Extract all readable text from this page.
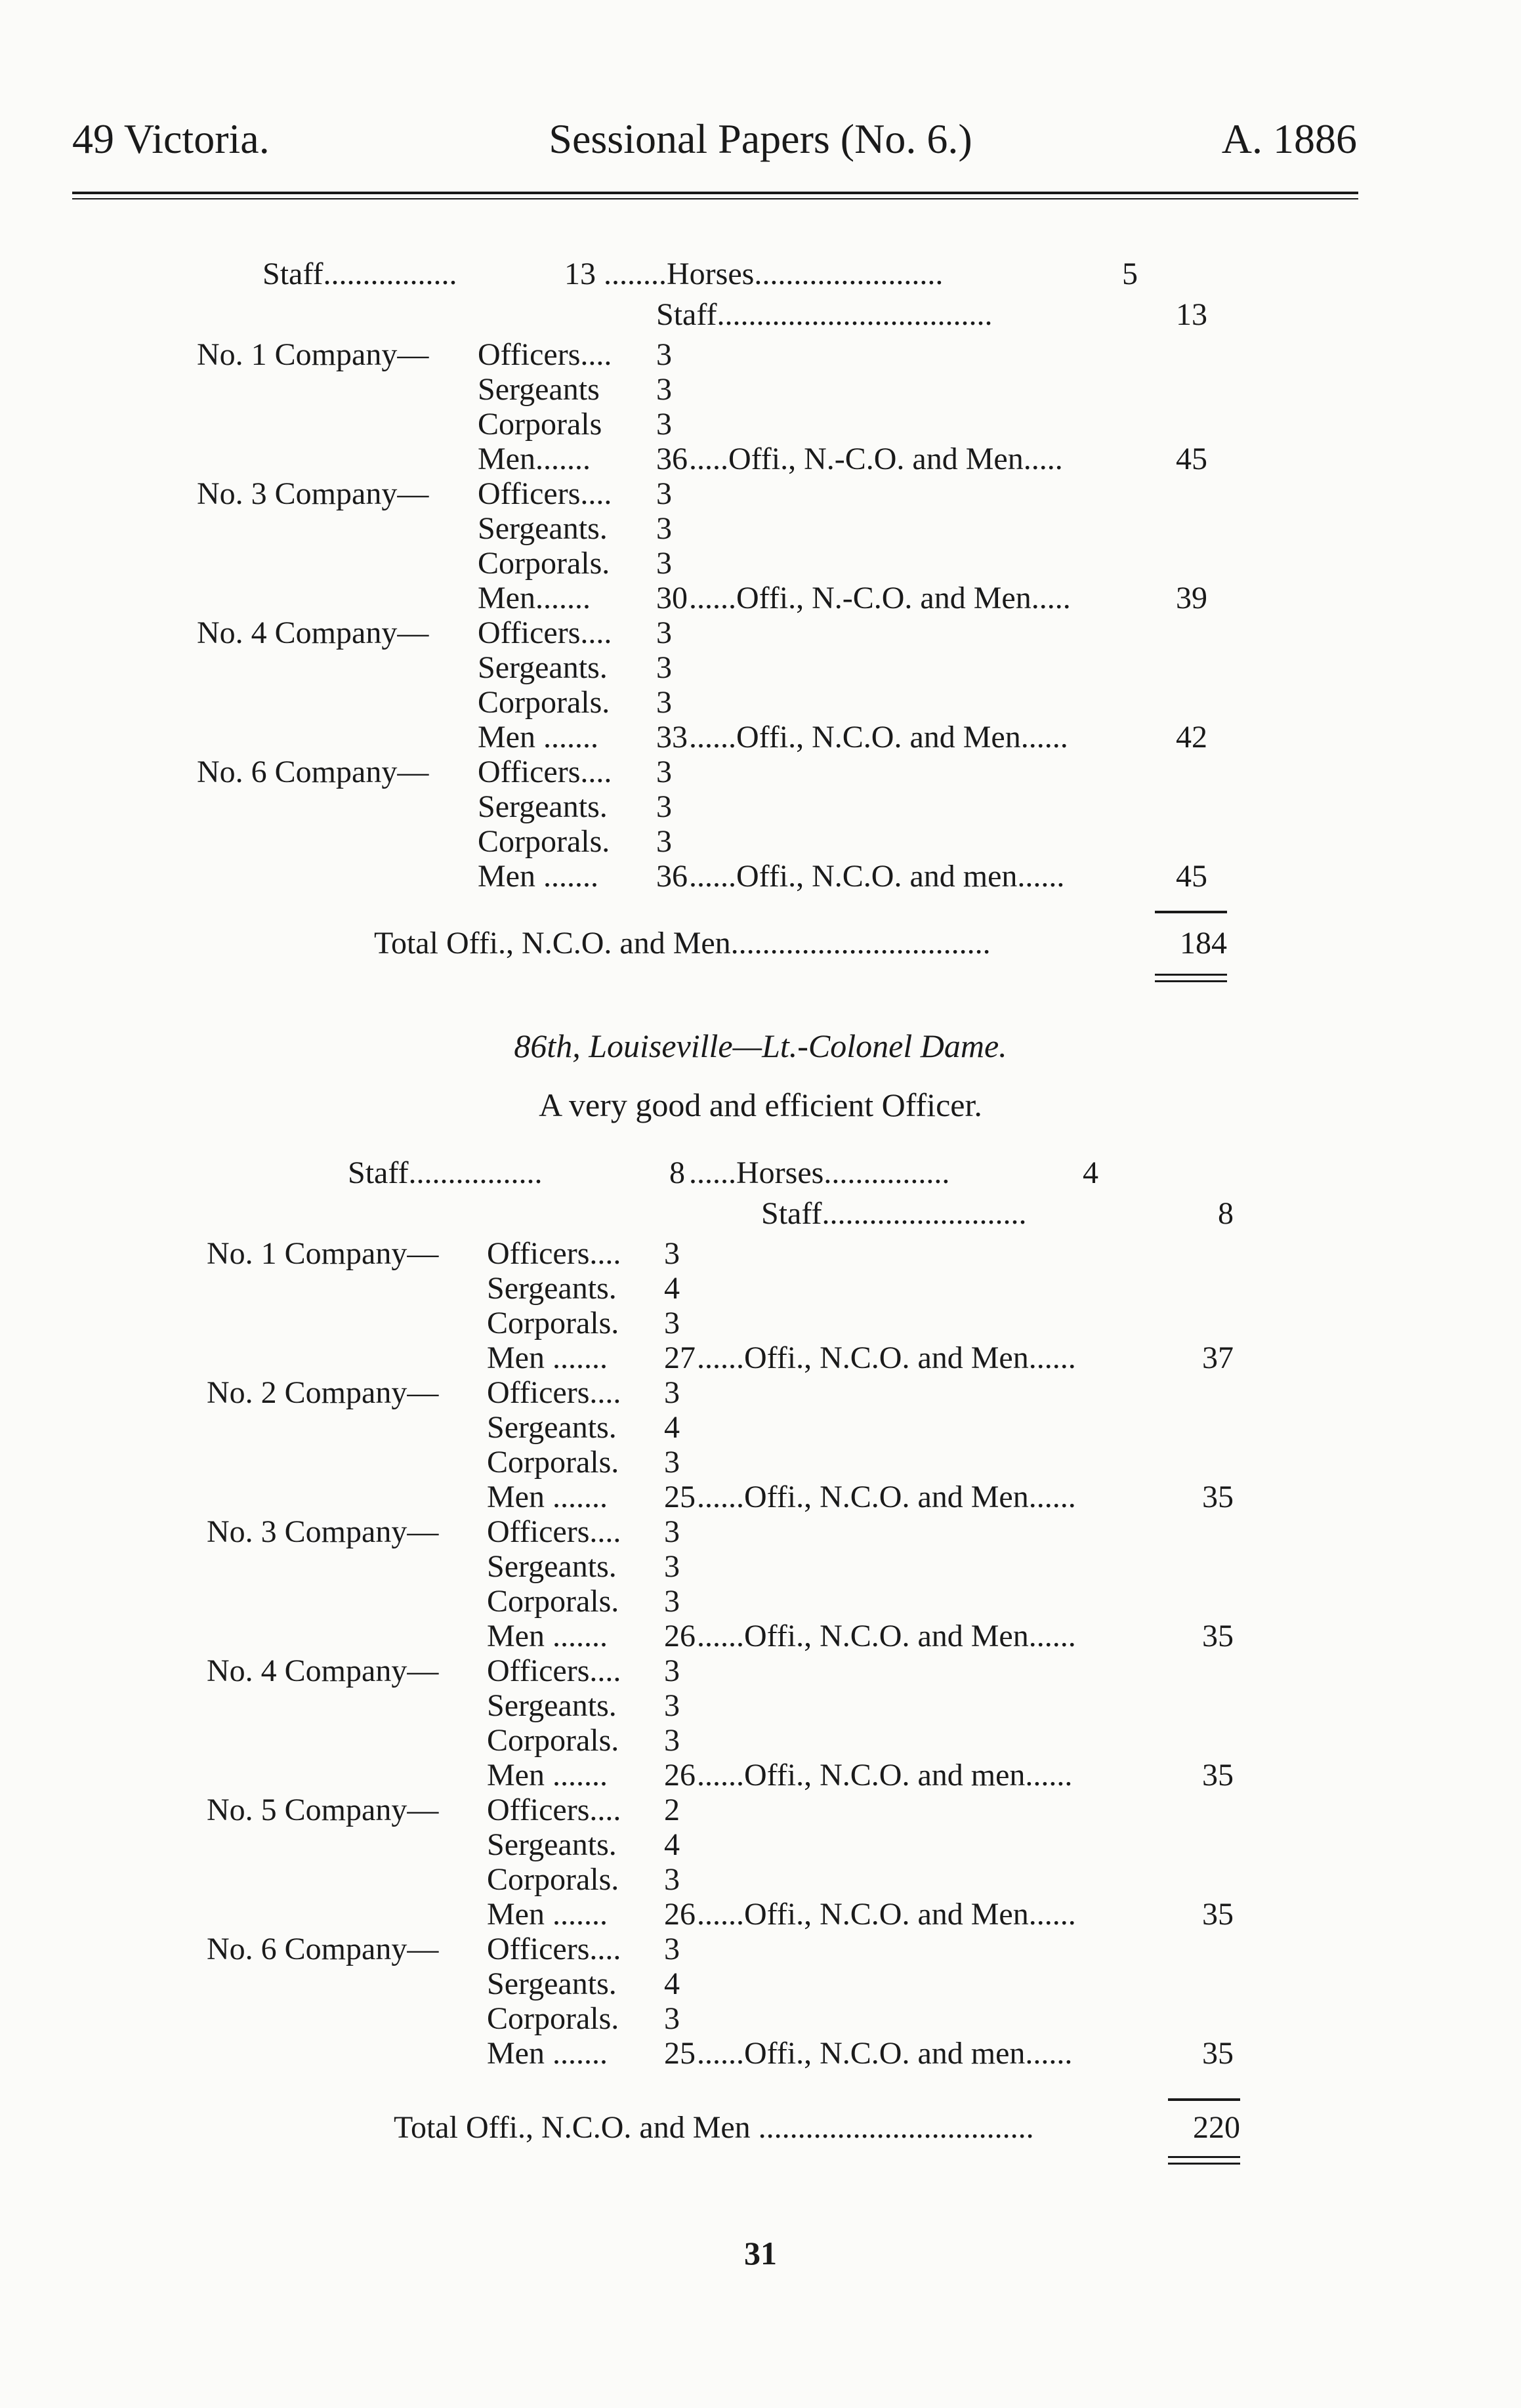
49 Victoria.	Sessional Papers (No. 6.)	A. 1886
Staff.................	13 ........Horses........................	5
Staff...................................	13
No. 1 Company— Officers.... 3
Sergeants 3
Corporals 3
Men....... 36 .....Offi., N.-C.O. and Men.....	45
No. 3 Company— Officers.... 3
Sergeants. 3
Corporals. 3
Men....... 30 ......Offi., N.-C.O. and Men.....	39
No. 4 Company— Officers.... 3
Sergeants. 3
Corporals. 3
Men ....... 33 ......Offi., N.C.O. and Men......	42
No. 6 Company— Officers.... 3
Sergeants. 3
Corporals. 3
Men ....... 36 ......Offi., N.C.O. and men......	45
Total Offi., N.C.O. and Men.................................	184
86th, Louiseville—Lt.-Colonel Dame.
A very good and efficient Officer.
Staff.................	8 ......Horses................	4
Staff..........................	8
No. 1 Company— Officers.... 3
Sergeants. 4
Corporals. 3
Men ....... 27 ......Offi., N.C.O. and Men......	37
No. 2 Company— Officers.... 3
Sergeants. 4
Corporals. 3
Men ....... 25 ......Offi., N.C.O. and Men......	35
No. 3 Company— Officers.... 3
Sergeants. 3
Corporals. 3
Men ....... 26 ......Offi., N.C.O. and Men......	35
No. 4 Company— Officers.... 3
Sergeants. 3
Corporals. 3
Men ....... 26 ......Offi., N.C.O. and men......	35
No. 5 Company— Officers.... 2
Sergeants. 4
Corporals. 3
Men ....... 26 ......Offi., N.C.O. and Men......	35
No. 6 Company— Officers.... 3
Sergeants. 4
Corporals. 3
Men ....... 25 ......Offi., N.C.O. and men......	35
Total Offi., N.C.O. and Men ...................................	220
31
